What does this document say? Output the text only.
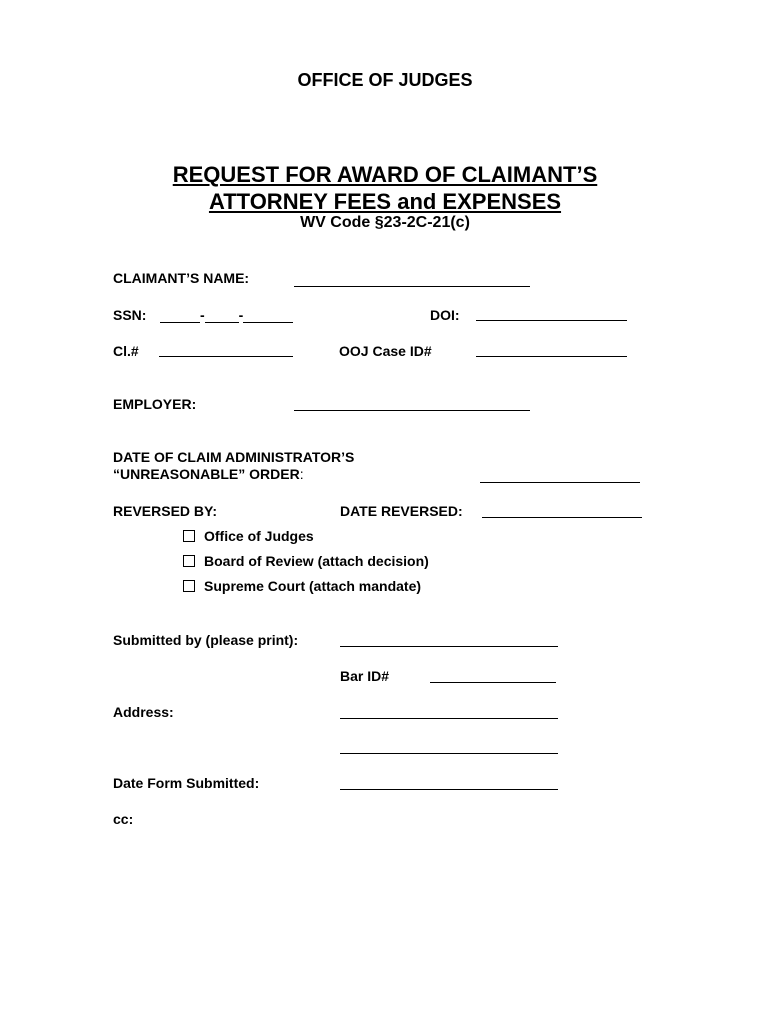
OFFICE OF JUDGES
REQUEST FOR AWARD OF CLAIMANT’S
ATTORNEY FEES and EXPENSES
WV Code §23-2C-21(c)
CLAIMANT’S NAME:
SSN:	- -	DOI:
Cl.#	OOJ Case ID#
EMPLOYER:
DATE OF CLAIM ADMINISTRATOR’S
“UNREASONABLE” ORDER:
REVERSED BY:	DATE REVERSED:
Office of Judges
Board of Review (attach decision)
Supreme Court (attach mandate)
Submitted by (please print):
Bar ID#
Address:
Date Form Submitted:
cc:
